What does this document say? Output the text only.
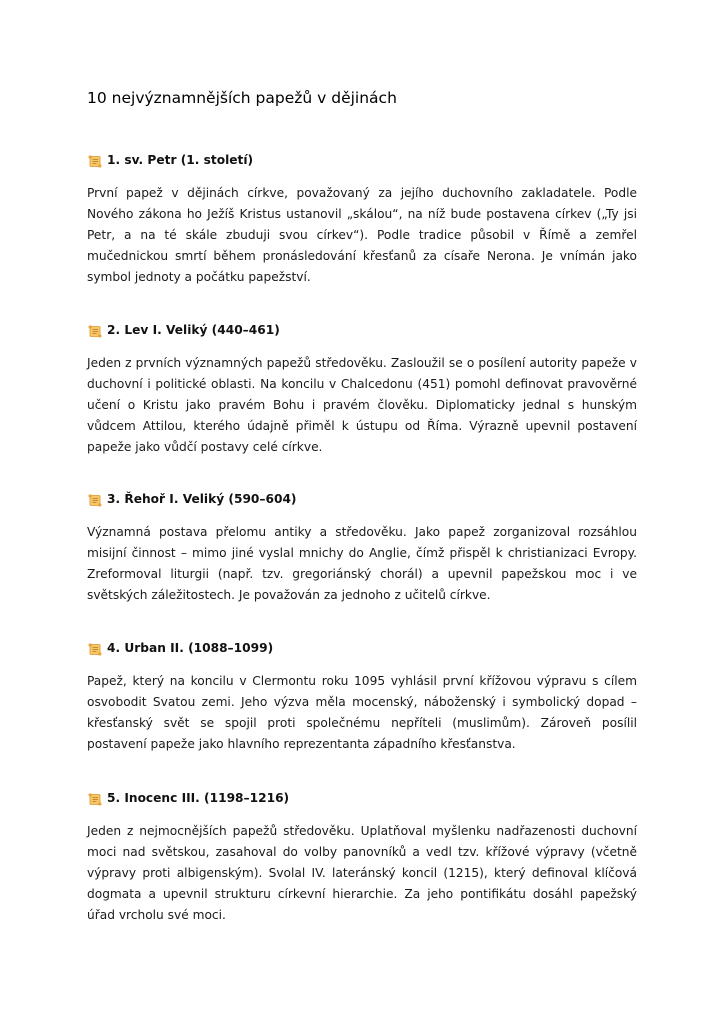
10 nejvýznamnějších papežů v dějinách
1. sv. Petr (1. století)

První papež v dějinách církve, považovaný za jejího duchovního zakladatele. Podle Nového zákona ho Ježíš Kristus ustanovil „skálou“, na níž bude postavena církev („Ty jsi Petr, a na té skále zbuduji svou církev“). Podle tradice působil v Římě a zemřel mučednickou smrtí během pronásledování křesťanů za císaře Nerona. Je vnímán jako symbol jednoty a počátku papežství.

2. Lev I. Veliký (440–461)

Jeden z prvních významných papežů středověku. Zasloužil se o posílení autority papeže v duchovní i politické oblasti. Na koncilu v Chalcedonu (451) pomohl definovat pravověrné učení o Kristu jako pravém Bohu i pravém člověku. Diplomaticky jednal s hunským vůdcem Attilou, kterého údajně přiměl k ústupu od Říma. Výrazně upevnil postavení papeže jako vůdčí postavy celé církve.

3. Řehoř I. Veliký (590–604)

Významná postava přelomu antiky a středověku. Jako papež zorganizoval rozsáhlou misijní činnost – mimo jiné vyslal mnichy do Anglie, čímž přispěl k christianizaci Evropy. Zreformoval liturgii (např. tzv. gregoriánský chorál) a upevnil papežskou moc i ve světských záležitostech. Je považován za jednoho z učitelů církve.

4. Urban II. (1088–1099)

Papež, který na koncilu v Clermontu roku 1095 vyhlásil první křížovou výpravu s cílem osvobodit Svatou zemi. Jeho výzva měla mocenský, náboženský i symbolický dopad – křesťanský svět se spojil proti společnému nepříteli (muslimům). Zároveň posílil postavení papeže jako hlavního reprezentanta západního křesťanstva.

5. Inocenc III. (1198–1216)

Jeden z nejmocnějších papežů středověku. Uplatňoval myšlenku nadřazenosti duchovní moci nad světskou, zasahoval do volby panovníků a vedl tzv. křížové výpravy (včetně výpravy proti albigenským). Svolal IV. lateránský koncil (1215), který definoval klíčová dogmata a upevnil strukturu církevní hierarchie. Za jeho pontifikátu dosáhl papežský úřad vrcholu své moci.
